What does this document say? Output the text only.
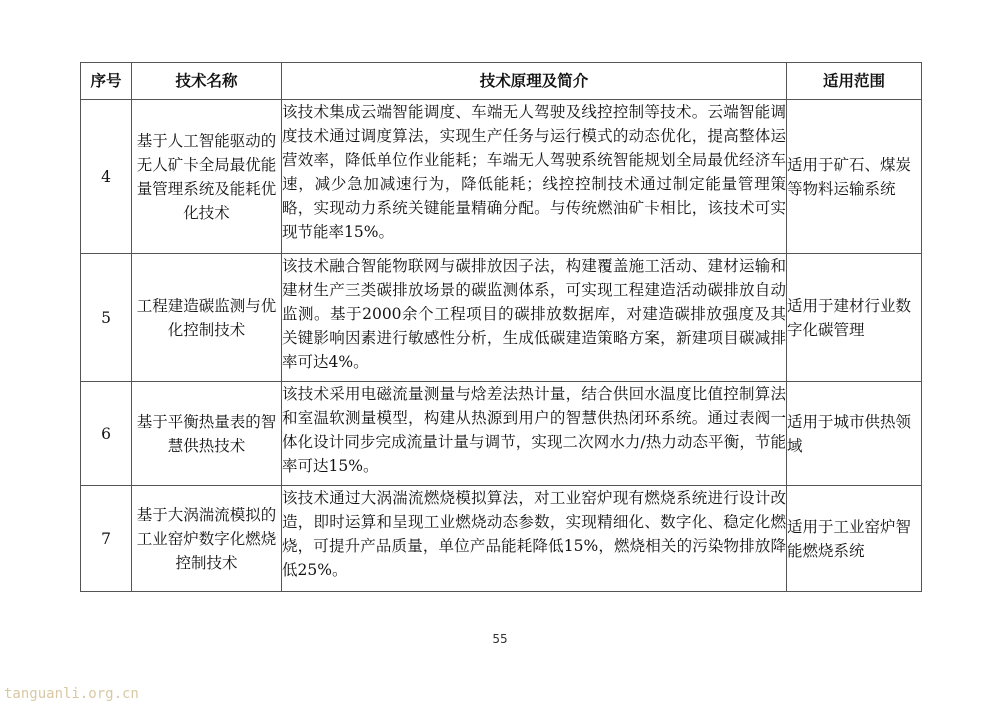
序号	技术名称	技术原理及简介	适用范围
4	基于人工智能驱动的无人矿卡全局最优能量管理系统及能耗优化技术	该技术集成云端智能调度、车端无人驾驶及线控控制等技术。云端智能调度技术通过调度算法，实现生产任务与运行模式的动态优化，提高整体运营效率，降低单位作业能耗；车端无人驾驶系统智能规划全局最优经济车速，减少急加减速行为，降低能耗；线控控制技术通过制定能量管理策略，实现动力系统关键能量精确分配。与传统燃油矿卡相比，该技术可实现节能率15%。	适用于矿石、煤炭等物料运输系统
5	工程建造碳监测与优化控制技术	该技术融合智能物联网与碳排放因子法，构建覆盖施工活动、建材运输和建材生产三类碳排放场景的碳监测体系，可实现工程建造活动碳排放自动监测。基于2000余个工程项目的碳排放数据库，对建造碳排放强度及其关键影响因素进行敏感性分析，生成低碳建造策略方案，新建项目碳减排率可达4%。	适用于建材行业数字化碳管理
6	基于平衡热量表的智慧供热技术	该技术采用电磁流量测量与焓差法热计量，结合供回水温度比值控制算法和室温软测量模型，构建从热源到用户的智慧供热闭环系统。通过表阀一体化设计同步完成流量计量与调节，实现二次网水力/热力动态平衡，节能率可达15%。	适用于城市供热领域
7	基于大涡湍流模拟的工业窑炉数字化燃烧控制技术	该技术通过大涡湍流燃烧模拟算法，对工业窑炉现有燃烧系统进行设计改造，即时运算和呈现工业燃烧动态参数，实现精细化、数字化、稳定化燃烧，可提升产品质量，单位产品能耗降低15%，燃烧相关的污染物排放降低25%。	适用于工业窑炉智能燃烧系统
55
tanguanli.org.cn
